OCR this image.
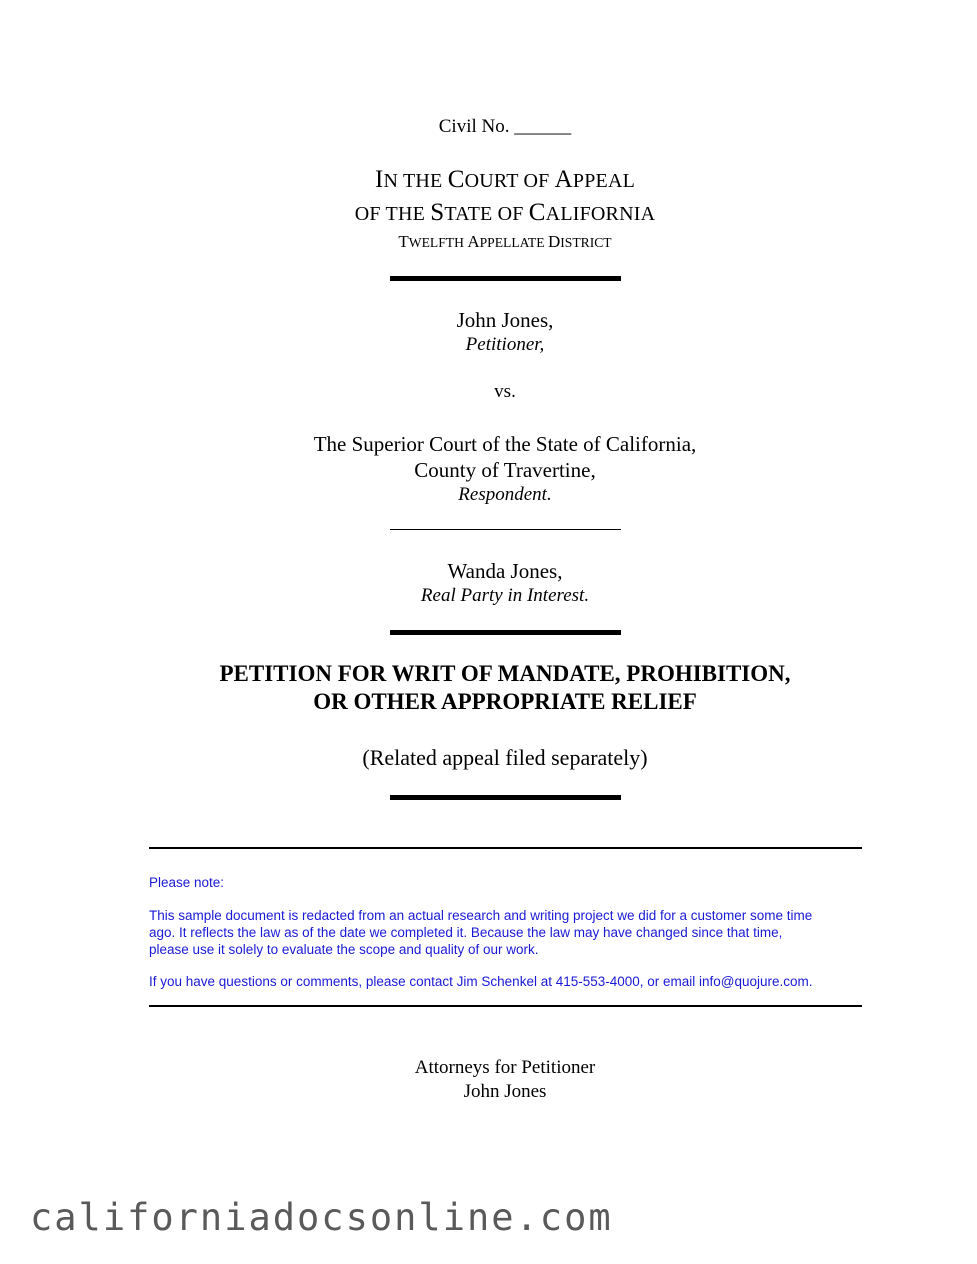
Civil No. ______
IN THE COURT OF APPEAL
OF THE STATE OF CALIFORNIA
TWELFTH APPELLATE DISTRICT
John Jones,
Petitioner,
vs.
The Superior Court of the State of California,
County of Travertine,
Respondent.
Wanda Jones,
Real Party in Interest.
PETITION FOR WRIT OF MANDATE, PROHIBITION,
OR OTHER APPROPRIATE RELIEF
(Related appeal filed separately)
Please note:
This sample document is redacted from an actual research and writing project we did for a customer some time
ago. It reflects the law as of the date we completed it. Because the law may have changed since that time,
please use it solely to evaluate the scope and quality of our work.
If you have questions or comments, please contact Jim Schenkel at 415-553-4000, or email info@quojure.com.
Attorneys for Petitioner
John Jones
californiadocsonline.com
